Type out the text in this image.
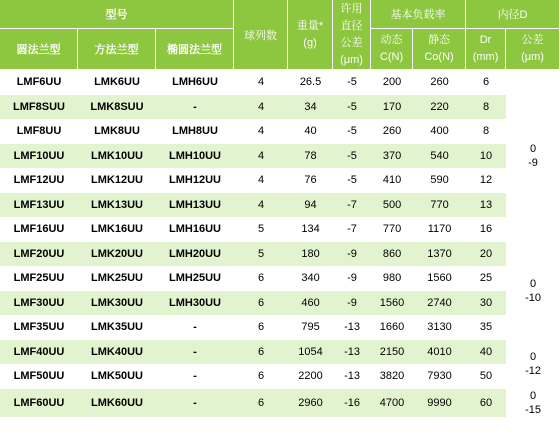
型号			球列数	重量*
(g)	许用
直径
公差
(μm)	基本负载率		内径D	
圆法兰型	方法兰型	椭圆法兰型				动态
C(N)	静态
Co(N)	Dr
(mm)	公差
(μm)
LMF6UU	LMK6UU	LMH6UU	4	26.5	-5	200	260	6	0
-9

LMF8SUU	LMK8SUU	-	4	34	-5	170	220	8	
LMF8UU	LMK8UU	LMH8UU	4	40	-5	260	400	8	
LMF10UU	LMK10UU	LMH10UU	4	78	-5	370	540	10	
LMF12UU	LMK12UU	LMH12UU	4	76	-5	410	590	12	
LMF13UU	LMK13UU	LMH13UU	4	94	-7	500	770	13	
LMF16UU	LMK16UU	LMH16UU	5	134	-7	770	1170	16	
LMF20UU	LMK20UU	LMH20UU	5	180	-9	860	1370	20	0
-10

LMF25UU	LMK25UU	LMH25UU	6	340	-9	980	1560	25	
LMF30UU	LMK30UU	LMH30UU	6	460	-9	1560	2740	30	
LMF35UU	LMK35UU	-	6	795	-13	1660	3130	35	
LMF40UU	LMK40UU	-	6	1054	-13	2150	4010	40	0
-12

LMF50UU	LMK50UU	-	6	2200	-13	3820	7930	50	
LMF60UU	LMK60UU	-	6	2960	-16	4700	9990	60	0
-15
